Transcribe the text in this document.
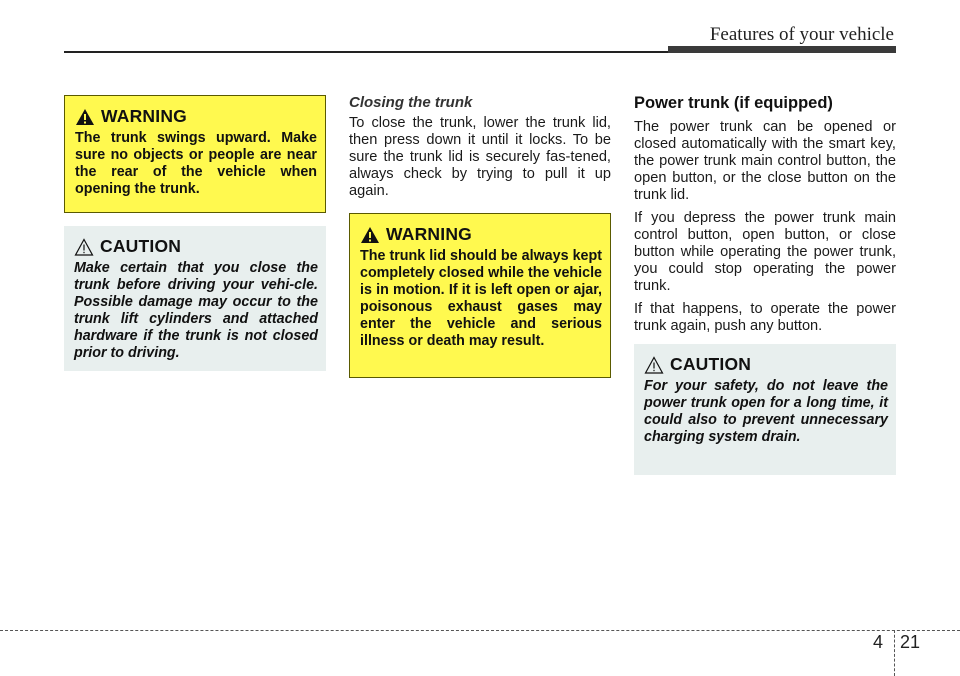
Features of your vehicle
WARNING
The trunk swings upward. Make sure no objects or people are near the rear of the vehicle when opening the trunk.
CAUTION
Make certain that you close the trunk before driving your vehi-cle. Possible damage may occur to the trunk lift cylinders and attached hardware if the trunk is not closed prior to driving.
Closing the trunk

To close the trunk, lower the trunk lid, then press down it until it locks. To be sure the trunk lid is securely fas-tened, always check by trying to pull it up again.

WARNING
The trunk lid should be always kept completely closed while the vehicle is in motion. If it is left open or ajar, poisonous exhaust gases may enter the vehicle and serious illness or death may result.
Power trunk (if equipped)

The power trunk can be opened or closed automatically with the smart key, the power trunk main control button, the open button, or the close button on the trunk lid.

If you depress the power trunk main control button, open button, or close button while operating the power trunk, you could stop operating the power trunk.

If that happens, to operate the power trunk again, push any button.

CAUTION
For your safety, do not leave the power trunk open for a long time, it could also to prevent unnecessary charging system drain.
4 21
